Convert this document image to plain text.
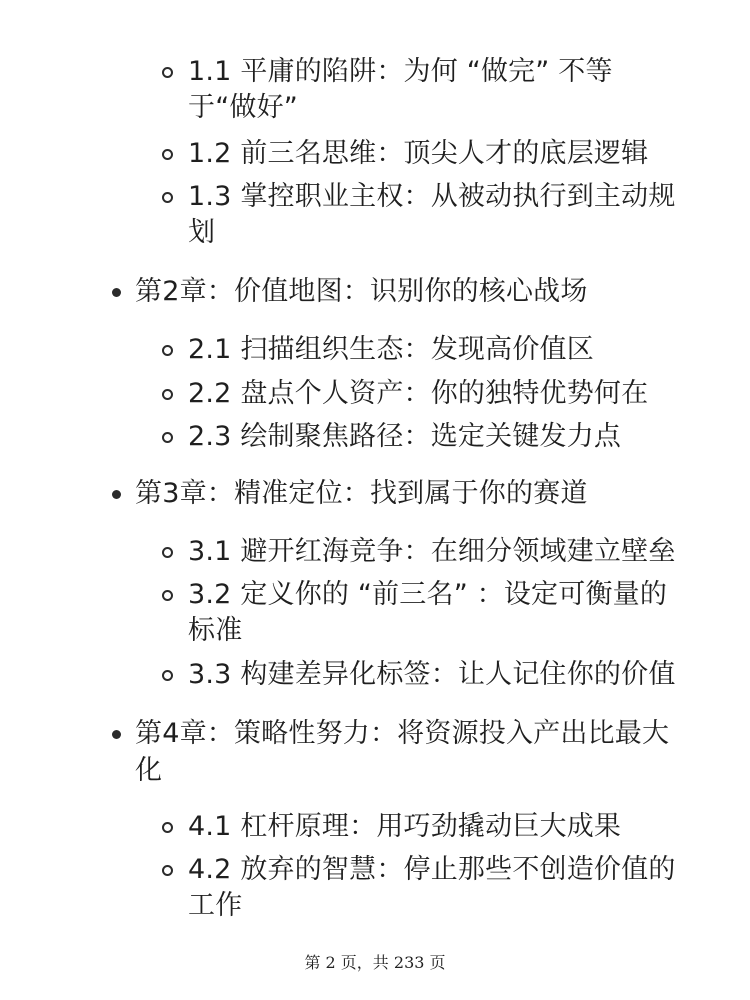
1.1 平庸的陷阱：为何 “做完” 不等
于“做好”
1.2 前三名思维：顶尖人才的底层逻辑
1.3 掌控职业主权：从被动执行到主动规
划
第2章：价值地图：识别你的核心战场
2.1 扫描组织生态：发现高价值区
2.2 盘点个人资产：你的独特优势何在
2.3 绘制聚焦路径：选定关键发力点
第3章：精准定位：找到属于你的赛道
3.1 避开红海竞争：在细分领域建立壁垒
3.2 定义你的 “前三名” ：设定可衡量的
标准
3.3 构建差异化标签：让人记住你的价值
第4章：策略性努力：将资源投入产出比最大
化
4.1 杠杆原理：用巧劲撬动巨大成果
4.2 放弃的智慧：停止那些不创造价值的
工作
第 2 页，共 233 页
